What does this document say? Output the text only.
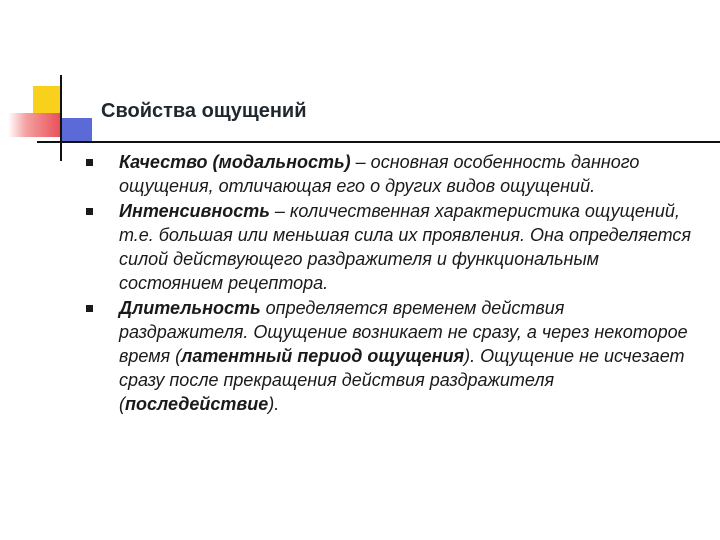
Свойства ощущений
Качество (модальность) – основная особенность данного ощущения, отличающая его о других видов ощущений.
Интенсивность – количественная характеристика ощущений, т.е. большая или меньшая сила их проявления. Она определяется силой действующего раздражителя и функциональным состоянием рецептора.
Длительность определяется временем действия раздражителя. Ощущение возникает не сразу, а через некоторое время (латентный период ощущения). Ощущение не исчезает сразу после прекращения действия раздражителя (последействие).
